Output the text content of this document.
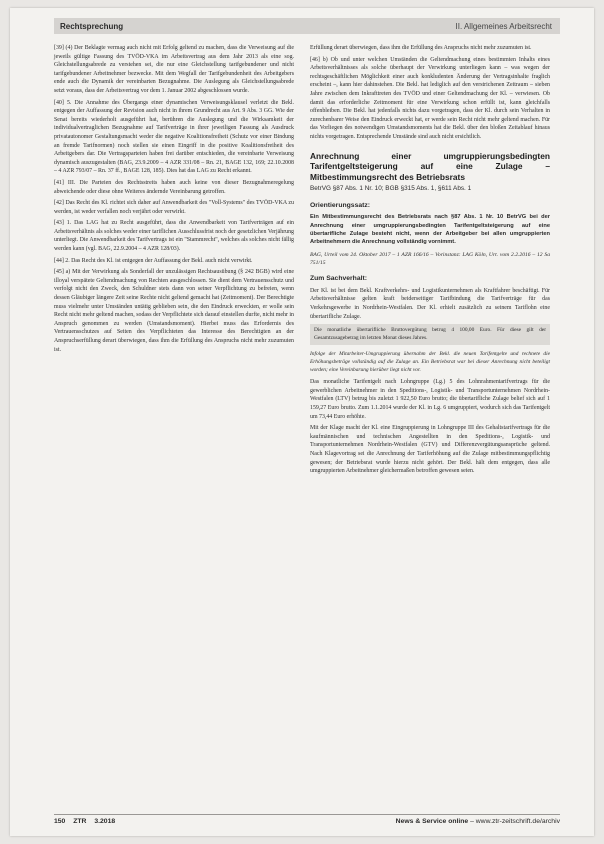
Rechtsprechung	II. Allgemeines Arbeitsrecht

[39] (4) Der Beklagte vermag auch nicht mit Erfolg geltend zu machen, dass die Verweisung auf die jeweils gültige Fassung des TVÖD-VKA im Arbeitsvertrag aus dem Jahr 2013 als eine sog. Gleichstellungsabrede zu verstehen sei, die nur eine Gleichstellung tarifgebundener und nicht tarifgebundener Arbeitnehmer bezwecke. Mit dem Wegfall der Tarifgebundenheit des Arbeitgebers ende auch die Dynamik der vereinbarten Bezugnahme. Die Auslegung als Gleichstellungsabrede setzt voraus, dass der Arbeitsvertrag vor dem 1. Januar 2002 abgeschlossen wurde.

[40] 5. Die Annahme des Übergangs einer dynamischen Verweisungsklausel verletzt die Bekl. entgegen der Auffassung der Revision auch nicht in ihrem Grundrecht aus Art. 9 Abs. 3 GG. Wie der Senat bereits wiederholt ausgeführt hat, berühren die Auslegung und die Wirksamkeit der individualvertraglichen Bezugnahme auf Tarifverträge in ihrer jeweiligen Fassung als Ausdruck privatautonomer Gestaltungsmacht weder die negative Koalitionsfreiheit (Schutz vor einer Bindung an fremde Tarifnormen) noch stellen sie einen Eingriff in die positive Koalitionsfreiheit des Arbeitgebers dar. Die Vertragsparteien haben frei darüber entschieden, die vereinbarte Verweisung dynamisch auszugestalten (BAG, 23.9.2009 – 4 AZR 331/08 – Rn. 21, BAGE 132, 169; 22.10.2008 – 4 AZR 793/07 – Rn. 37 ff., BAGE 128, 185). Dies hat das LAG zu Recht erkannt.

[41] III. Die Parteien des Rechtsstreits haben auch keine von dieser Bezugnahmeregelung abweichende oder diese ohne Weiteres ändernde Vereinbarung getroffen.

[42] Das Recht des Kl. richtet sich daher auf Anwendbarkeit des "Voll-Systems" des TVÖD-VKA zu werden, ist weder verfallen noch verjährt oder verwirkt.

[43] 1. Das LAG hat zu Recht ausgeführt, dass die Anwendbarkeit von Tarifverträgen auf ein Arbeitsverhältnis als solches weder einer tariflichen Ausschlussfrist noch der gesetzlichen Verjährung unterliegt. Die Anwendbarkeit des Tarifvertrags ist ein "Stammrecht", welches als solches nicht fällig werden kann (vgl. BAG, 22.9.2004 – 4 AZR 128/03).

[44] 2. Das Recht des Kl. ist entgegen der Auffassung der Bekl. auch nicht verwirkt.

[45] a) Mit der Verwirkung als Sonderfall der unzulässigen Rechtsausübung (§ 242 BGB) wird eine illoyal verspätete Geltendmachung von Rechten ausgeschlossen. Sie dient dem Vertrauensschutz und verfolgt nicht den Zweck, den Schuldner stets dann von seiner Verpflichtung zu befreien, wenn dessen Gläubiger längere Zeit seine Rechte nicht geltend gemacht hat (Zeitmoment). Der Berechtigte muss vielmehr unter Umständen untätig geblieben sein, die den Eindruck erweckten, er wolle sein Recht nicht mehr geltend machen, sodass der Verpflichtete sich darauf einstellen durfte, nicht mehr in Anspruch genommen zu werden (Umstandsmoment). Hierbei muss das Erfordernis des Vertrauensschutzes auf Seiten des Verpflichteten das Interesse des Berechtigten an der Anspruchserfüllung derart überwiegen, dass ihm die Erfüllung des Anspruchs nicht mehr zuzumuten ist.

Erfüllung derart überwiegen, dass ihm die Erfüllung des Anspruchs nicht mehr zuzumuten ist.

[46] b) Ob und unter welchen Umständen die Geltendmachung eines bestimmten Inhalts eines Arbeitsverhältnisses als solche überhaupt der Verwirkung unterliegen kann – was wegen der rechtsgeschäftlichen Möglichkeit einer auch konkludenten Änderung der Vertragsinhalte fraglich erscheint –, kann hier dahinstehen. Die Bekl. hat lediglich auf den verstrichenen Zeitraum – sieben Jahre zwischen dem Inkrafttreten des TVÖD und einer Geltendmachung der Kl. – verwiesen. Ob damit das erforderliche Zeitmoment für eine Verwirkung schon erfüllt ist, kann gleichfalls offenbleiben. Die Bekl. hat jedenfalls nichts dazu vorgetragen, dass der Kl. durch sein Verhalten in zurechenbarer Weise den Eindruck erweckt hat, er werde sein Recht nicht mehr geltend machen. Für das Vorliegen des notwendigen Umstandsmoments hat die Bekl. über den bloßen Zeitablauf hinaus nichts vorgetragen. Entsprechende Umstände sind auch nicht ersichtlich.

Anrechnung einer umgruppierungsbedingten Tarifentgeltsteigerung auf eine Zulage – Mitbestimmungsrecht des Betriebsrats
BetrVG §87 Abs. 1 Nr. 10; BGB §315 Abs. 1, §611 Abs. 1
Orientierungssatz:
Ein Mitbestimmungsrecht des Betriebsrats nach §87 Abs. 1 Nr. 10 BetrVG bei der Anrechnung einer umgruppierungsbedingten Tarifentgeltsteigerung auf eine übertarifliche Zulage besteht nicht, wenn der Arbeitgeber bei allen umgruppierten Arbeitnehmern die Anrechnung vollständig vornimmt.
BAG, Urteil vom 24. Oktober 2017 – 1 AZR 166/16 – Vorinstanz: LAG Köln, Urt. vom 2.2.2016 – 12 Sa 751/15
Zum Sachverhalt:

Der Kl. ist bei dem Bekl. Kraftverkehrs- und Logistikunternehmen als Kraftfahrer beschäftigt. Für Arbeitsverhältnisse gelten kraft beiderseitiger Tarifbindung die Tarifverträge für das Verkehrsgewerbe in Nordrhein-Westfalen. Der Kl. erhielt zusätzlich zu seinem Tariflohn eine übertarifliche Zulage.

Die monatliche übertarifliche Bruttovergütung betrug 4 100,00 Euro. Für diese gilt der Gesamtzusagebetrag im letzten Monat dieses Jahres.
Infolge der Mitarbeiter-Umgruppierung übernahm der Bekl. die neuen Tarifentgelte und rechnete die Erhöhungsbeträge vollständig auf die Zulage an. Ein Betriebsrat war bei dieser Anrechnung nicht beteiligt worden; eine Vereinbarung hierüber liegt nicht vor.

Das monatliche Tarifentgelt nach Lohngruppe (Lg.) 5 des Lohnrahmentarifvertrags für die gewerblichen Arbeitnehmer in den Speditions-, Logistik- und Transportunternehmen Nordrhein-Westfalen (LTV) betrug bis zuletzt 1 922,50 Euro brutto; die übertarifliche Zulage belief sich auf 1 159,27 Euro brutto. Zum 1.1.2014 wurde der Kl. in Lg. 6 umgruppiert, wodurch sich das Tarifentgelt um 73,44 Euro erhöhte.

Mit der Klage macht der Kl. eine Eingruppierung in Lohngruppe III des Gehaltstarifvertrags für die kaufmännischen und technischen Angestellten in den Speditions-, Logistik- und Transportunternehmen Nordrhein-Westfalen (GTV) und Differenzvergütungsansprüche geltend. Nach Klagevortrag sei die Anrechnung der Tariferhöhung auf die Zulage mitbestimmungspflichtig gewesen; der Betriebsrat wurde hierzu nicht gehört. Der Bekl. hält dem entgegen, dass alle umgruppierten Arbeitnehmer gleichermaßen betroffen gewesen seien.

150 ZTR 3.2018	News & Service online – www.ztr-zeitschrift.de/archiv
